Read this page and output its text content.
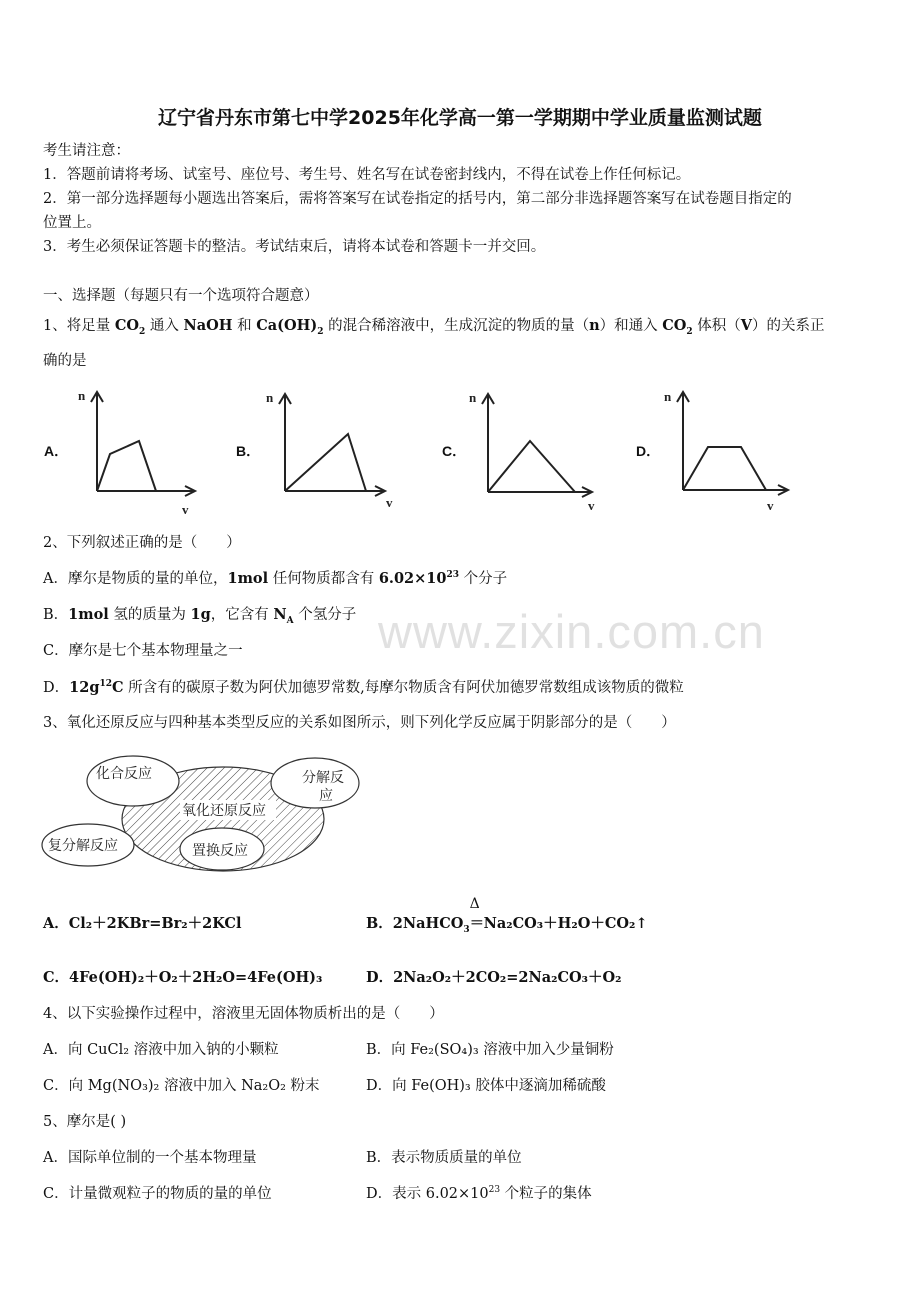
辽宁省丹东市第七中学2025年化学高一第一学期期中学业质量监测试题
考生请注意：
1．答题前请将考场、试室号、座位号、考生号、姓名写在试卷密封线内，不得在试卷上作任何标记。
2．第一部分选择题每小题选出答案后，需将答案写在试卷指定的括号内，第二部分非选择题答案写在试卷题目指定的
位置上。
3．考生必须保证答题卡的整洁。考试结束后，请将本试卷和答题卡一并交回。
一、选择题（每题只有一个选项符合题意）
1、将足量 $CO_2$ 通入 NaOH 和 $Ca(OH)_2$ 的混合稀溶液中，生成沉淀的物质的量（n）和通入 $CO_2$ 体积（V）的关系正
确的是
A．	B．	C．	D．
n
v
n
v
n
v
n
v
2、下列叙述正确的是（　　）
A．摩尔是物质的量的单位，1mol 任何物质都含有 $6.02\times 10^{23}$ 个分子
B．1mol 氢的质量为 1g，它含有 $N_A$ 个氢分子
C．摩尔是七个基本物理量之一
D．$12g^{12}C$ 所含有的碳原子数为阿伏加德罗常数,每摩尔物质含有阿伏加德罗常数组成该物质的微粒
www.zixin.com.cn
3、氧化还原反应与四种基本类型反应的关系如图所示，则下列化学反应属于阴影部分的是（　　）
化合反应	分解反
应
氧化还原反应
复分解反应	置换反应
A．Cl₂＋2KBr=Br₂＋2KCl	B．2NaHCO$_3$
Δ
＝Na₂CO₃＋H₂O＋CO₂↑
C．4Fe(OH)₂＋O₂＋2H₂O=4Fe(OH)₃	D．2Na₂O₂＋2CO₂=2Na₂CO₃＋O₂
4、以下实验操作过程中，溶液里无固体物质析出的是（　　）
A．向 CuCl₂ 溶液中加入钠的小颗粒	B．向 Fe₂(SO₄)₃ 溶液中加入少量铜粉
C．向 Mg(NO₃)₂ 溶液中加入 Na₂O₂ 粉末	D．向 Fe(OH)₃ 胶体中逐滴加稀硫酸
5、摩尔是( )
A．国际单位制的一个基本物理量	B．表示物质质量的单位
C．计量微观粒子的物质的量的单位	D．表示 $6.02\times 10^{23}$ 个粒子的集体
